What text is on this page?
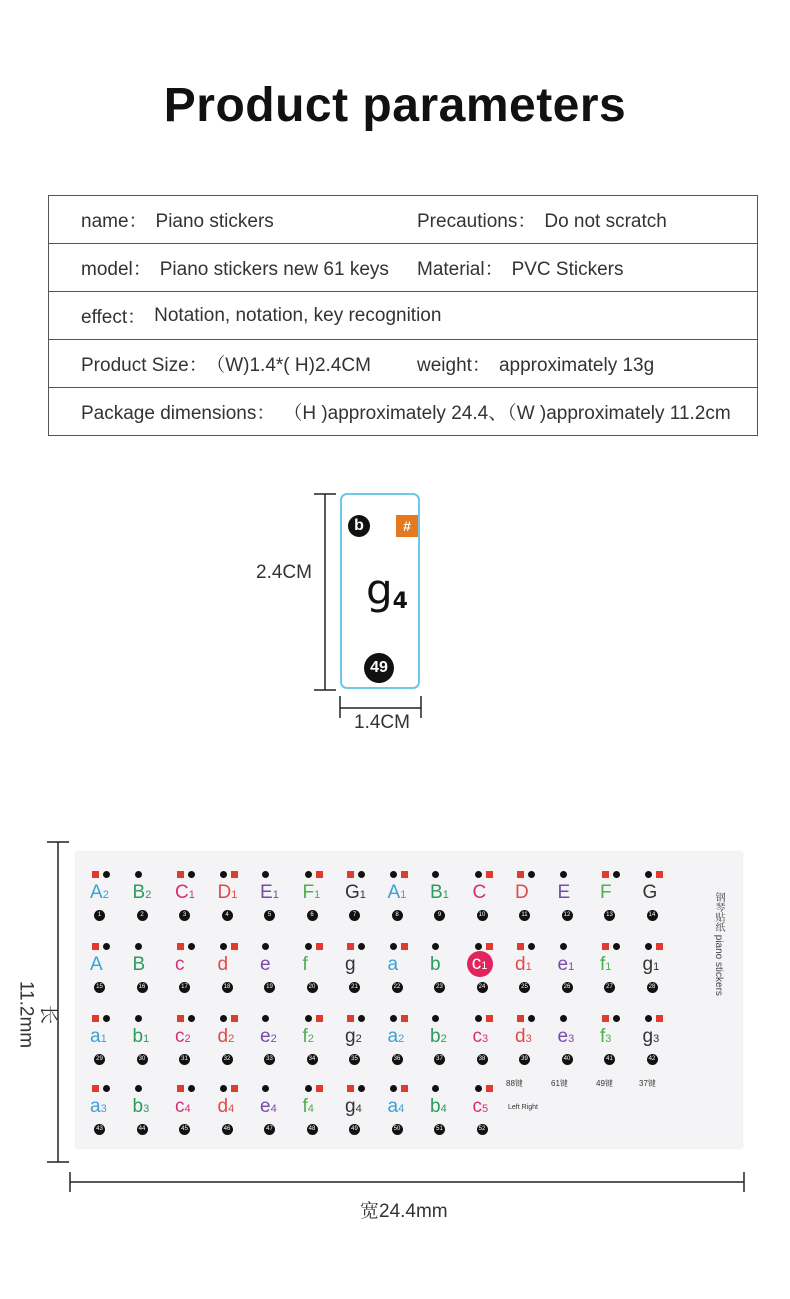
Product parameters
name： Piano stickers	Precautions： Do not scratch

model： Piano stickers new 61 keys	Material： PVC Stickers

effect： Notation, notation, key recognition

Product Size： （W)1.4*( H)2.4CM	weight： approximately 13g

Package dimensions： （H )approximately 24.4、（W )approximately 11.2cm
2.4CM
1.4CM
b	#
g4
49
长11.2mm
宽24.4mm
钢琴贴纸 piano stickers
88键	61键	49键	37键
Left Right
A2
1
B2
2
C1
3
D1
4
E1
5
F1
6
G1
7
A1
8
B1
9
C
10
D
11
E
12
F
13
G
14
A
15
B
16
c
17
d
18
e
19
f
20
g
21
a
22
b
23
c1
24
d1
25
e1
26
f1
27
g1
28
a1
29
b1
30
c2
31
d2
32
e2
33
f2
34
g2
35
a2
36
b2
37
c3
38
d3
39
e3
40
f3
41
g3
42
a3
43
b3
44
c4
45
d4
46
e4
47
f4
48
g4
49
a4
50
b4
51
c5
52
